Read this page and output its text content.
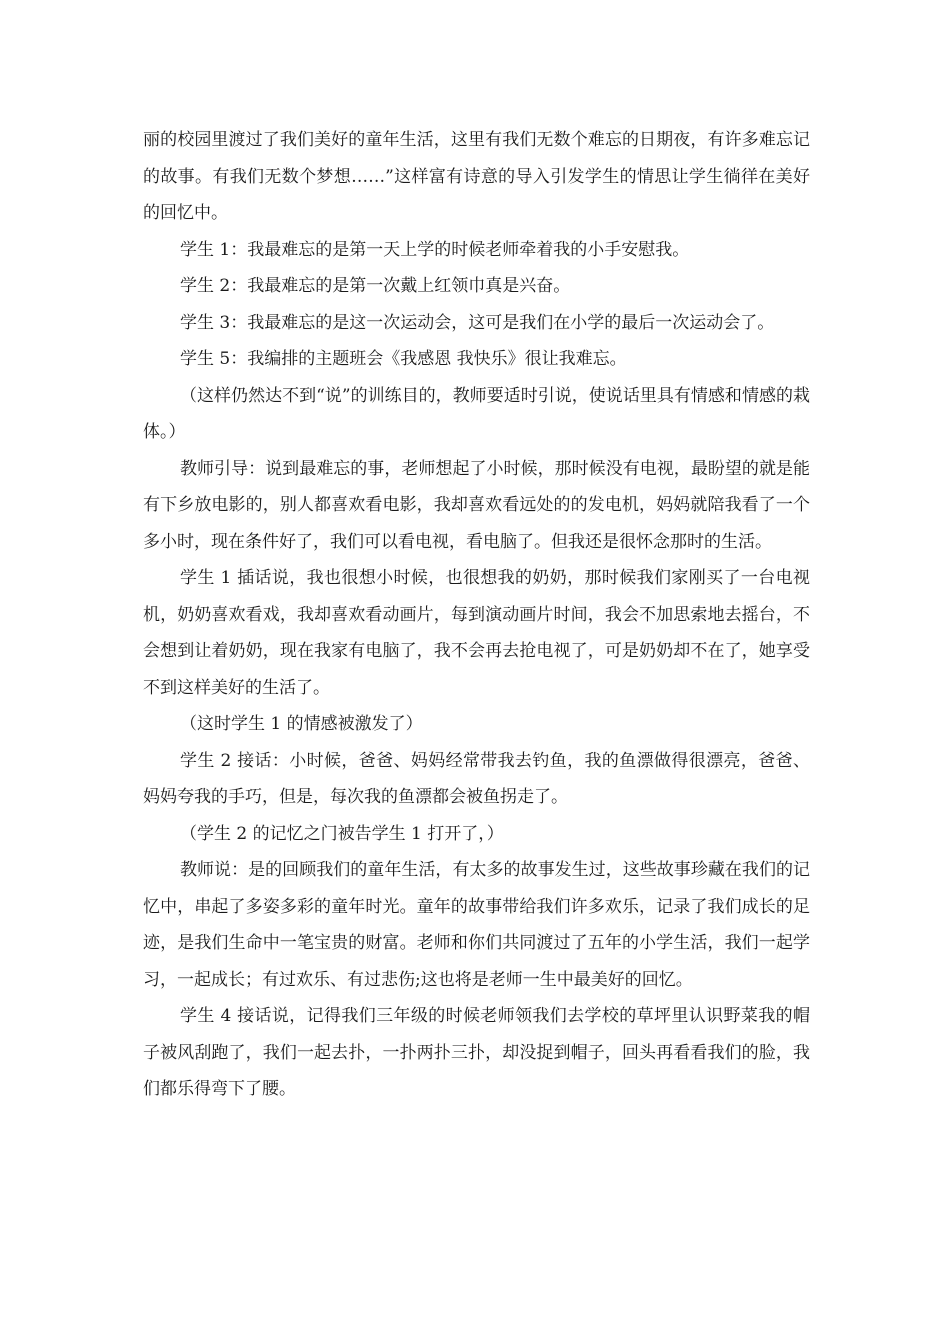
丽的校园里渡过了我们美好的童年生活，这里有我们无数个难忘的日期夜，有许多难忘记的故事。有我们无数个梦想……”这样富有诗意的导入引发学生的情思让学生徜徉在美好的回忆中。

学生 1：我最难忘的是第一天上学的时候老师牵着我的小手安慰我。

学生 2：我最难忘的是第一次戴上红领巾真是兴奋。

学生 3：我最难忘的是这一次运动会，这可是我们在小学的最后一次运动会了。

学生 5：我编排的主题班会《我感恩 我快乐》很让我难忘。

（这样仍然达不到“说”的训练目的，教师要适时引说，使说话里具有情感和情感的栽体。）

教师引导：说到最难忘的事，老师想起了小时候，那时候没有电视，最盼望的就是能有下乡放电影的，别人都喜欢看电影，我却喜欢看远处的的发电机，妈妈就陪我看了一个多小时，现在条件好了，我们可以看电视，看电脑了。但我还是很怀念那时的生活。

学生 1 插话说，我也很想小时候，也很想我的奶奶，那时候我们家刚买了一台电视机，奶奶喜欢看戏，我却喜欢看动画片，每到演动画片时间，我会不加思索地去摇台，不会想到让着奶奶，现在我家有电脑了，我不会再去抢电视了，可是奶奶却不在了，她享受不到这样美好的生活了。

（这时学生 1 的情感被激发了）

学生 2 接话：小时候，爸爸、妈妈经常带我去钓鱼，我的鱼漂做得很漂亮，爸爸、妈妈夸我的手巧，但是，每次我的鱼漂都会被鱼拐走了。

（学生 2 的记忆之门被告学生 1 打开了，）

教师说：是的回顾我们的童年生活，有太多的故事发生过，这些故事珍藏在我们的记忆中，串起了多姿多彩的童年时光。童年的故事带给我们许多欢乐，记录了我们成长的足迹，是我们生命中一笔宝贵的财富。老师和你们共同渡过了五年的小学生活，我们一起学习，一起成长；有过欢乐、有过悲伤;这也将是老师一生中最美好的回忆。

学生 4 接话说，记得我们三年级的时候老师领我们去学校的草坪里认识野菜我的帽子被风刮跑了，我们一起去扑，一扑两扑三扑，却没捉到帽子，回头再看看我们的脸，我们都乐得弯下了腰。
